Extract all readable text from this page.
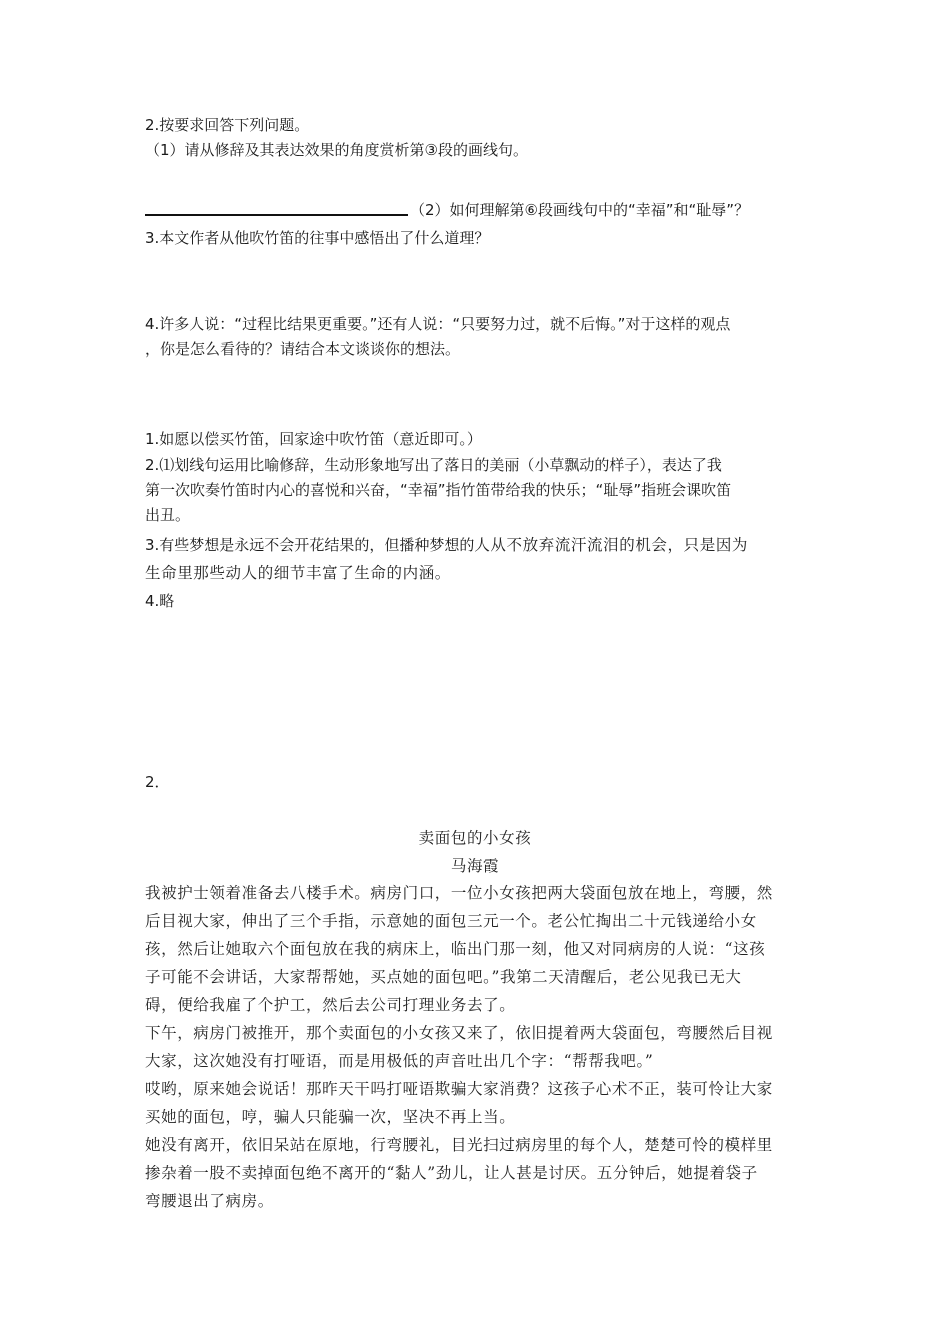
2.按要求回答下列问题。
（1）请从修辞及其表达效果的角度赏析第③段的画线句。
（2）如何理解第⑥段画线句中的“幸福”和“耻辱”？
3.本文作者从他吹竹笛的往事中感悟出了什么道理？
4.许多人说：“过程比结果更重要。”还有人说：“只要努力过，就不后悔。”对于这样的观点
，你是怎么看待的？请结合本文谈谈你的想法。
1.如愿以偿买竹笛，回家途中吹竹笛（意近即可。）
2.⑴划线句运用比喻修辞，生动形象地写出了落日的美丽（小草飘动的样子），表达了我
第一次吹奏竹笛时内心的喜悦和兴奋，“幸福”指竹笛带给我的快乐；“耻辱”指班会课吹笛
出丑。
3.有些梦想是永远不会开花结果的，但播种梦想的人从不放弃流汗流泪的机会，只是因为
生命里那些动人的细节丰富了生命的内涵。
4.略
2．
卖面包的小女孩
马海霞
我被护士领着准备去八楼手术。病房门口，一位小女孩把两大袋面包放在地上，弯腰，然
后目视大家，伸出了三个手指，示意她的面包三元一个。老公忙掏出二十元钱递给小女
孩，然后让她取六个面包放在我的病床上，临出门那一刻，他又对同病房的人说：“这孩
子可能不会讲话，大家帮帮她，买点她的面包吧。”我第二天清醒后，老公见我已无大
碍，便给我雇了个护工，然后去公司打理业务去了。
下午，病房门被推开，那个卖面包的小女孩又来了，依旧提着两大袋面包，弯腰然后目视
大家，这次她没有打哑语，而是用极低的声音吐出几个字：“帮帮我吧。”
哎哟，原来她会说话！那昨天干吗打哑语欺骗大家消费？这孩子心术不正，装可怜让大家
买她的面包，哼，骗人只能骗一次，坚决不再上当。
她没有离开，依旧呆站在原地，行弯腰礼，目光扫过病房里的每个人，楚楚可怜的模样里
掺杂着一股不卖掉面包绝不离开的“黏人”劲儿，让人甚是讨厌。五分钟后，她提着袋子
弯腰退出了病房。
